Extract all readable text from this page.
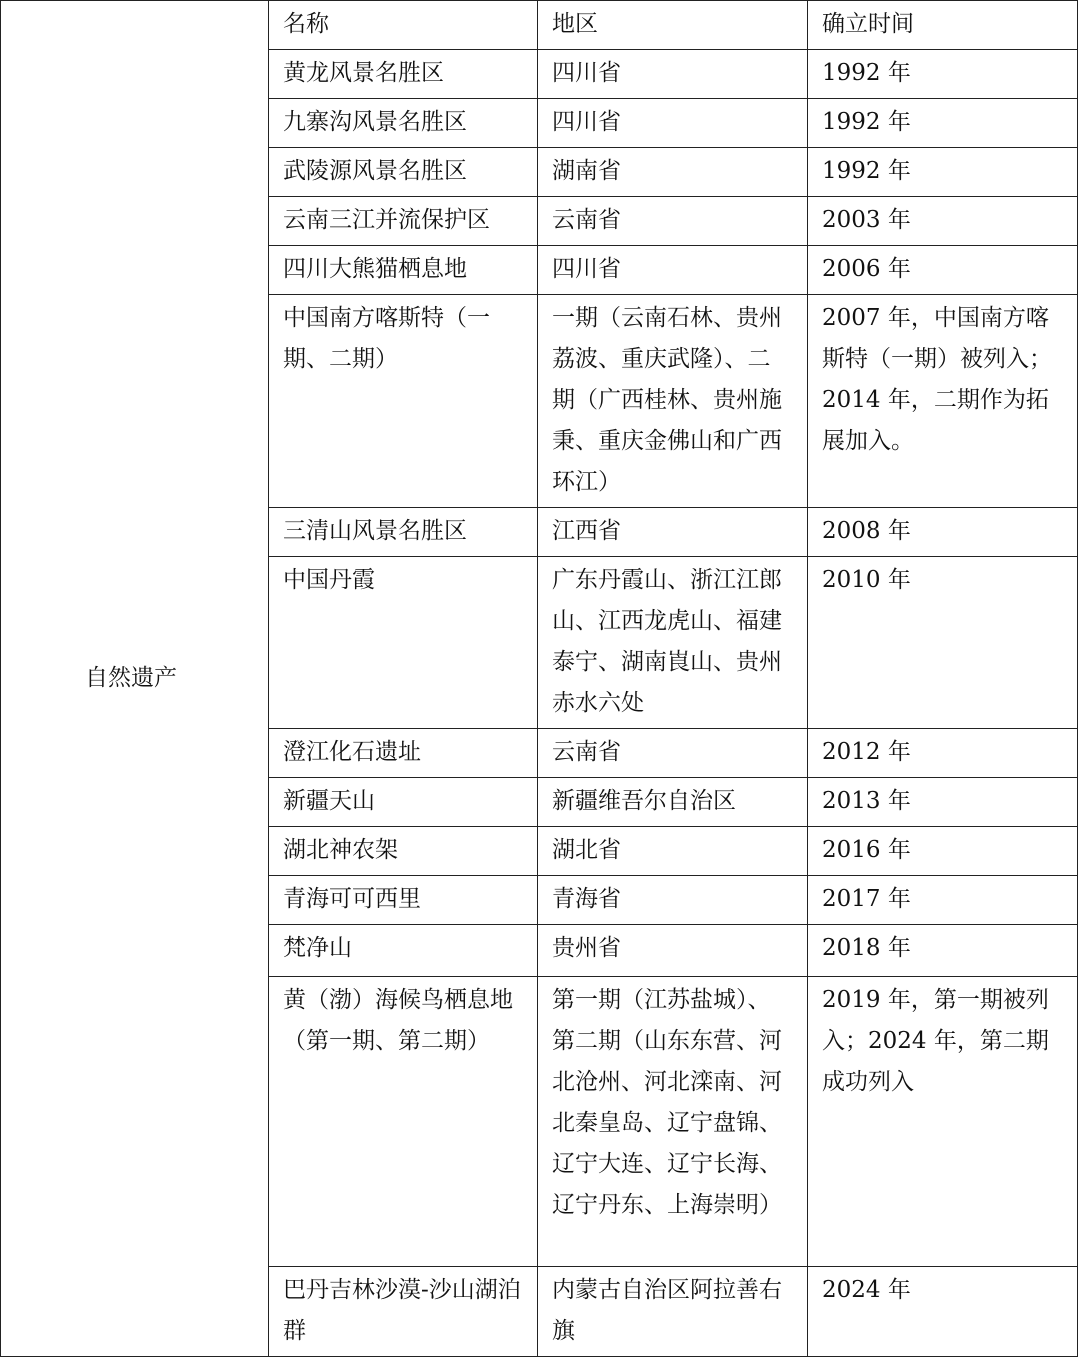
自然遗产	名称	地区	确立时间
	黄龙风景名胜区	四川省	1992 年
	九寨沟风景名胜区	四川省	1992 年
	武陵源风景名胜区	湖南省	1992 年
	云南三江并流保护区	云南省	2003 年
	四川大熊猫栖息地	四川省	2006 年
	中国南方喀斯特（一期、二期）	一期（云南石林、贵州荔波、重庆武隆）、二期（广西桂林、贵州施秉、重庆金佛山和广西环江）	2007 年，中国南方喀斯特（一期）被列入；2014 年，二期作为拓展加入。
	三清山风景名胜区	江西省	2008 年
	中国丹霞	广东丹霞山、浙江江郎山、江西龙虎山、福建泰宁、湖南崀山、贵州赤水六处	2010 年
	澄江化石遗址	云南省	2012 年
	新疆天山	新疆维吾尔自治区	2013 年
	湖北神农架	湖北省	2016 年
	青海可可西里	青海省	2017 年
	梵净山	贵州省	2018 年
	黄（渤）海候鸟栖息地（第一期、第二期）	第一期（江苏盐城）、第二期（山东东营、河北沧州、河北滦南、河北秦皇岛、辽宁盘锦、辽宁大连、辽宁长海、辽宁丹东、上海崇明）	2019 年，第一期被列入；2024 年，第二期成功列入
	巴丹吉林沙漠-沙山湖泊群	内蒙古自治区阿拉善右旗	2024 年
